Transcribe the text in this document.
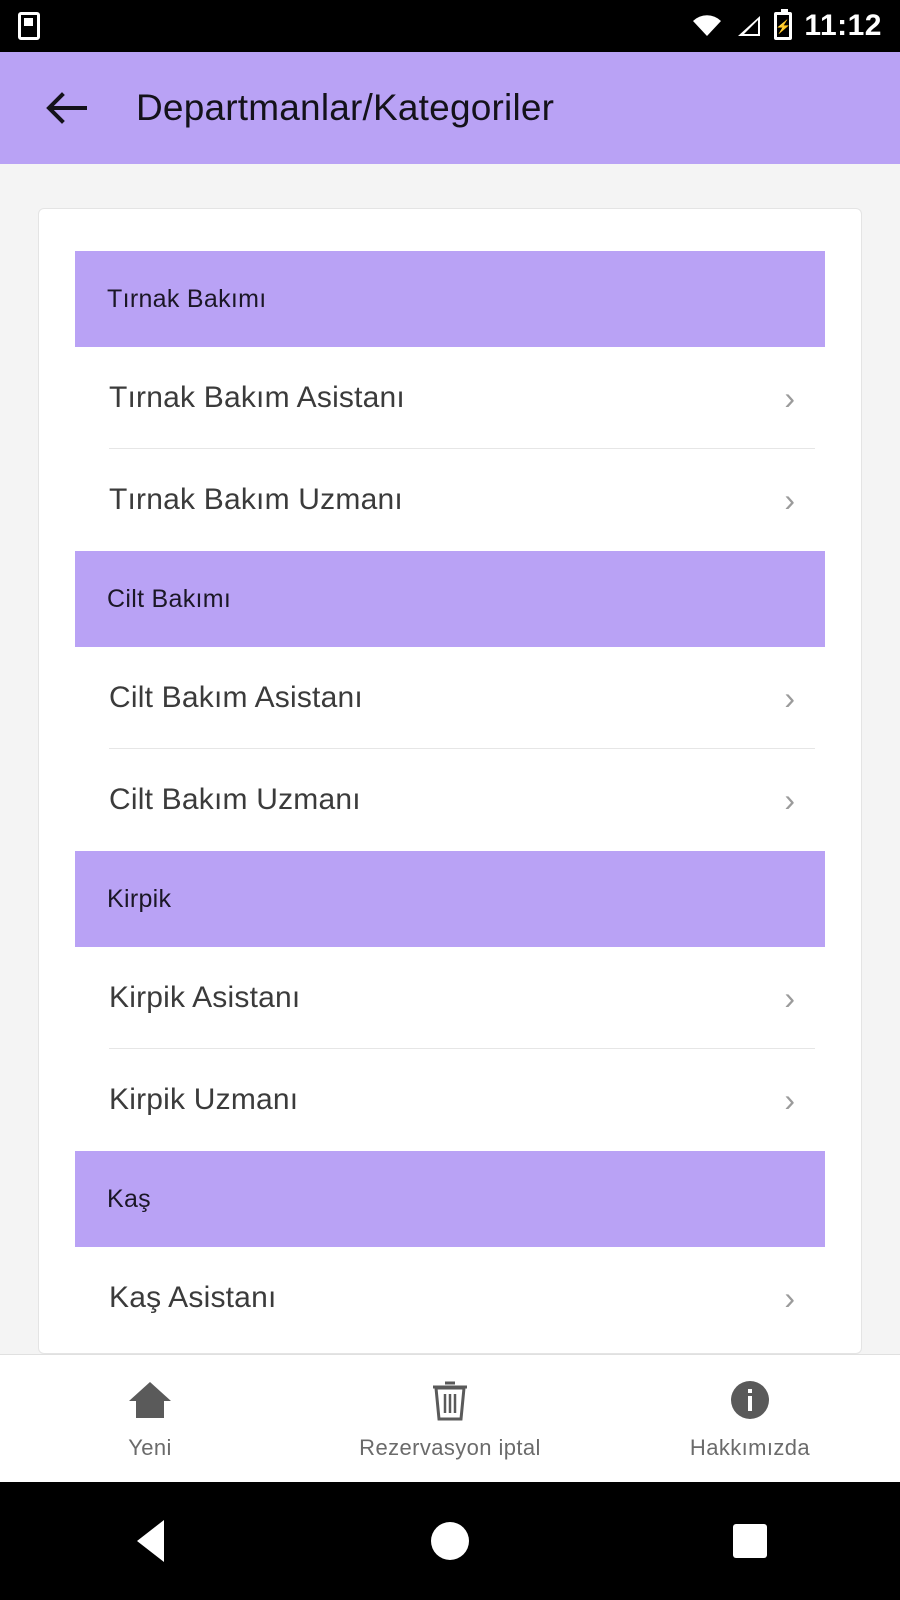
⚡ 11:12
Departmanlar/Kategoriler
Tırnak Bakımı
Tırnak Bakım Asistanı	›
Tırnak Bakım Uzmanı	›
Cilt Bakımı
Cilt Bakım Asistanı	›
Cilt Bakım Uzmanı	›
Kirpik
Kirpik Asistanı	›
Kirpik Uzmanı	›
Kaş
Kaş Asistanı	›
Yeni	Rezervasyon iptal	Hakkımızda
